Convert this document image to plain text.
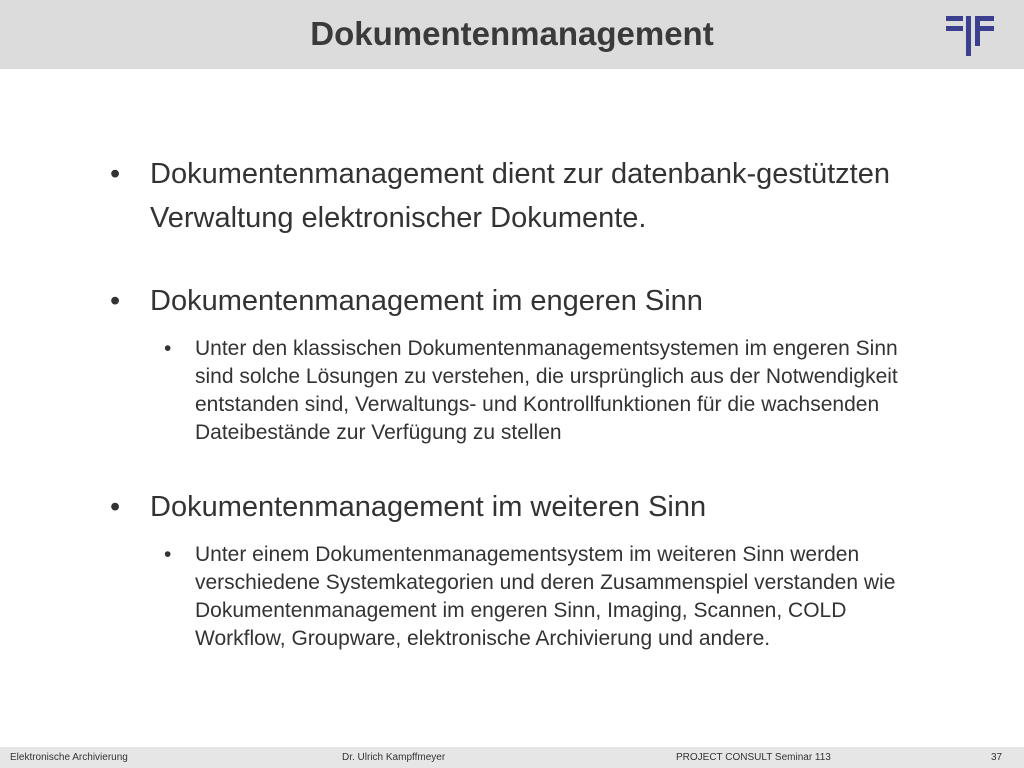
Dokumentenmanagement
• Dokumentenmanagement dient zur datenbank-gestützten Verwaltung elektronischer Dokumente.
• Dokumentenmanagement im engeren Sinn
• Unter den klassischen Dokumentenmanagementsystemen im engeren Sinn sind solche Lösungen zu verstehen, die ursprünglich aus der Notwendigkeit entstanden sind, Verwaltungs- und Kontrollfunktionen für die wachsenden Dateibestände zur Verfügung zu stellen
• Dokumentenmanagement im weiteren Sinn
• Unter einem Dokumentenmanagementsystem im weiteren Sinn werden verschiedene Systemkategorien und deren Zusammenspiel verstanden wie Dokumentenmanagement im engeren Sinn, Imaging, Scannen, COLD Workflow, Groupware, elektronische Archivierung und andere.
Elektronische Archivierung	Dr. Ulrich Kampffmeyer	PROJECT CONSULT Seminar 113	37
